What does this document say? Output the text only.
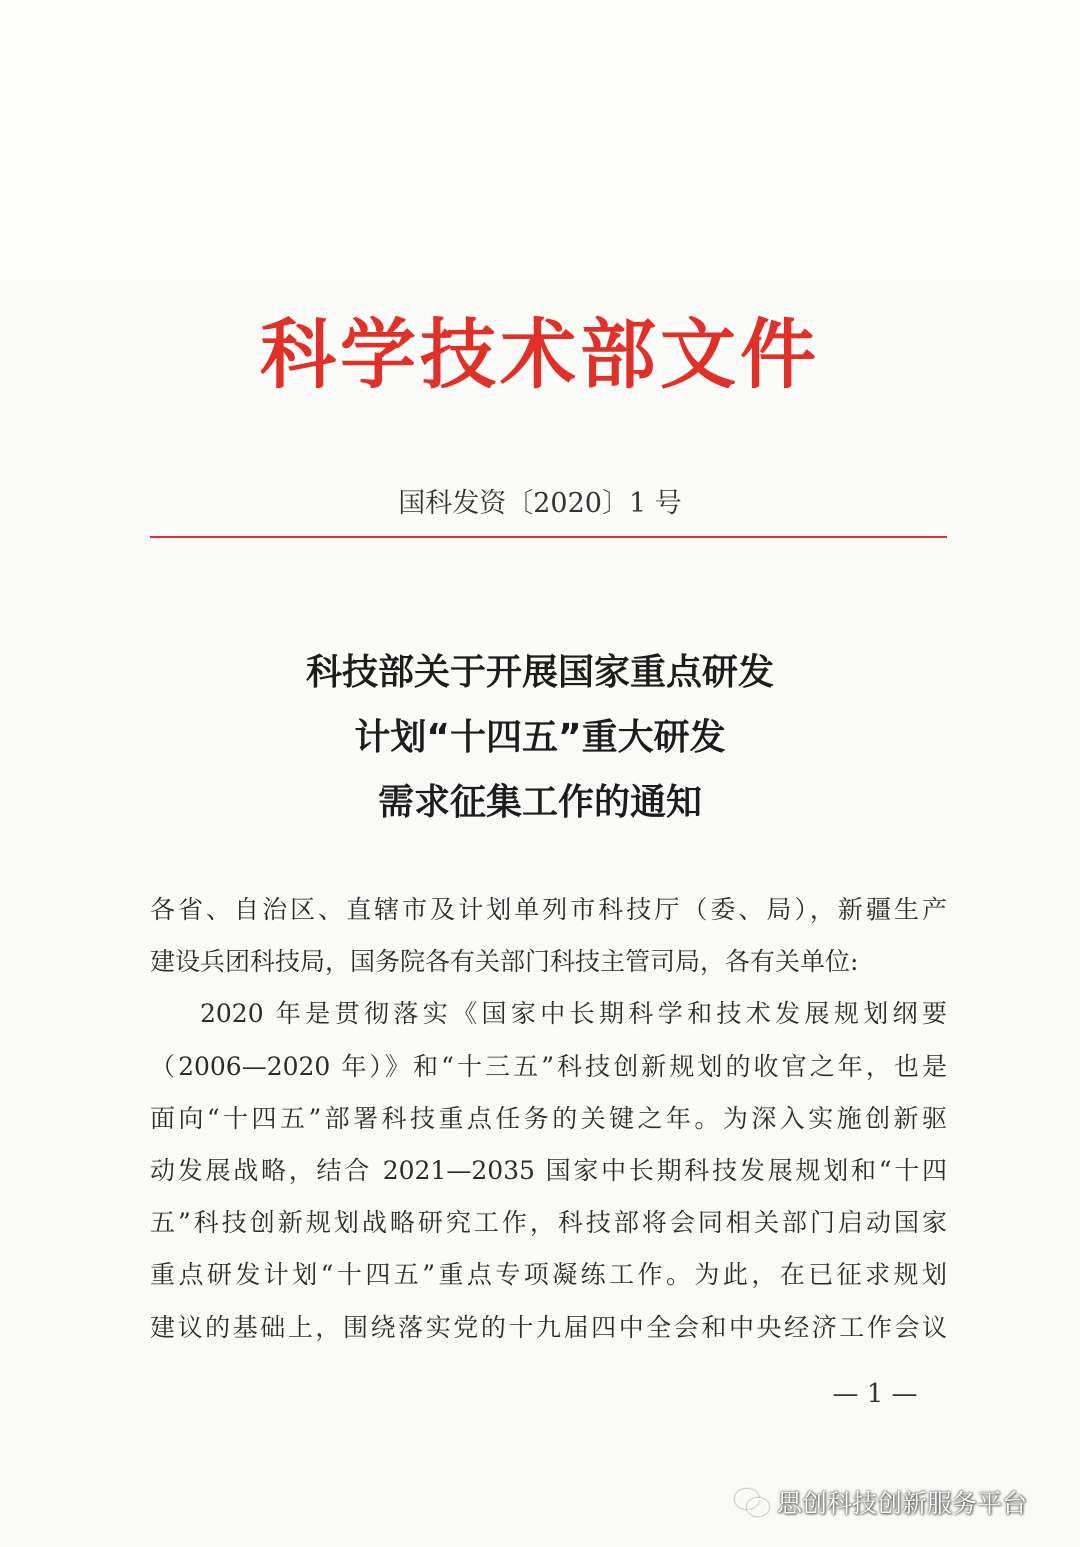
科学技术部文件
国科发资〔2020〕1 号
科技部关于开展国家重点研发
计划“十四五”重大研发
需求征集工作的通知
各省、自治区、直辖市及计划单列市科技厅（委、局），新疆生产
建设兵团科技局，国务院各有关部门科技主管司局，各有关单位:
2020 年是贯彻落实《国家中长期科学和技术发展规划纲要
（2006—2020 年）》和“十三五”科技创新规划的收官之年，也是
面向“十四五”部署科技重点任务的关键之年。为深入实施创新驱
动发展战略，结合 2021—2035 国家中长期科技发展规划和“十四
五”科技创新规划战略研究工作，科技部将会同相关部门启动国家
重点研发计划“十四五”重点专项凝练工作。为此，在已征求规划
建议的基础上，围绕落实党的十九届四中全会和中央经济工作会议
— 1 —
思创科技创新服务平台
